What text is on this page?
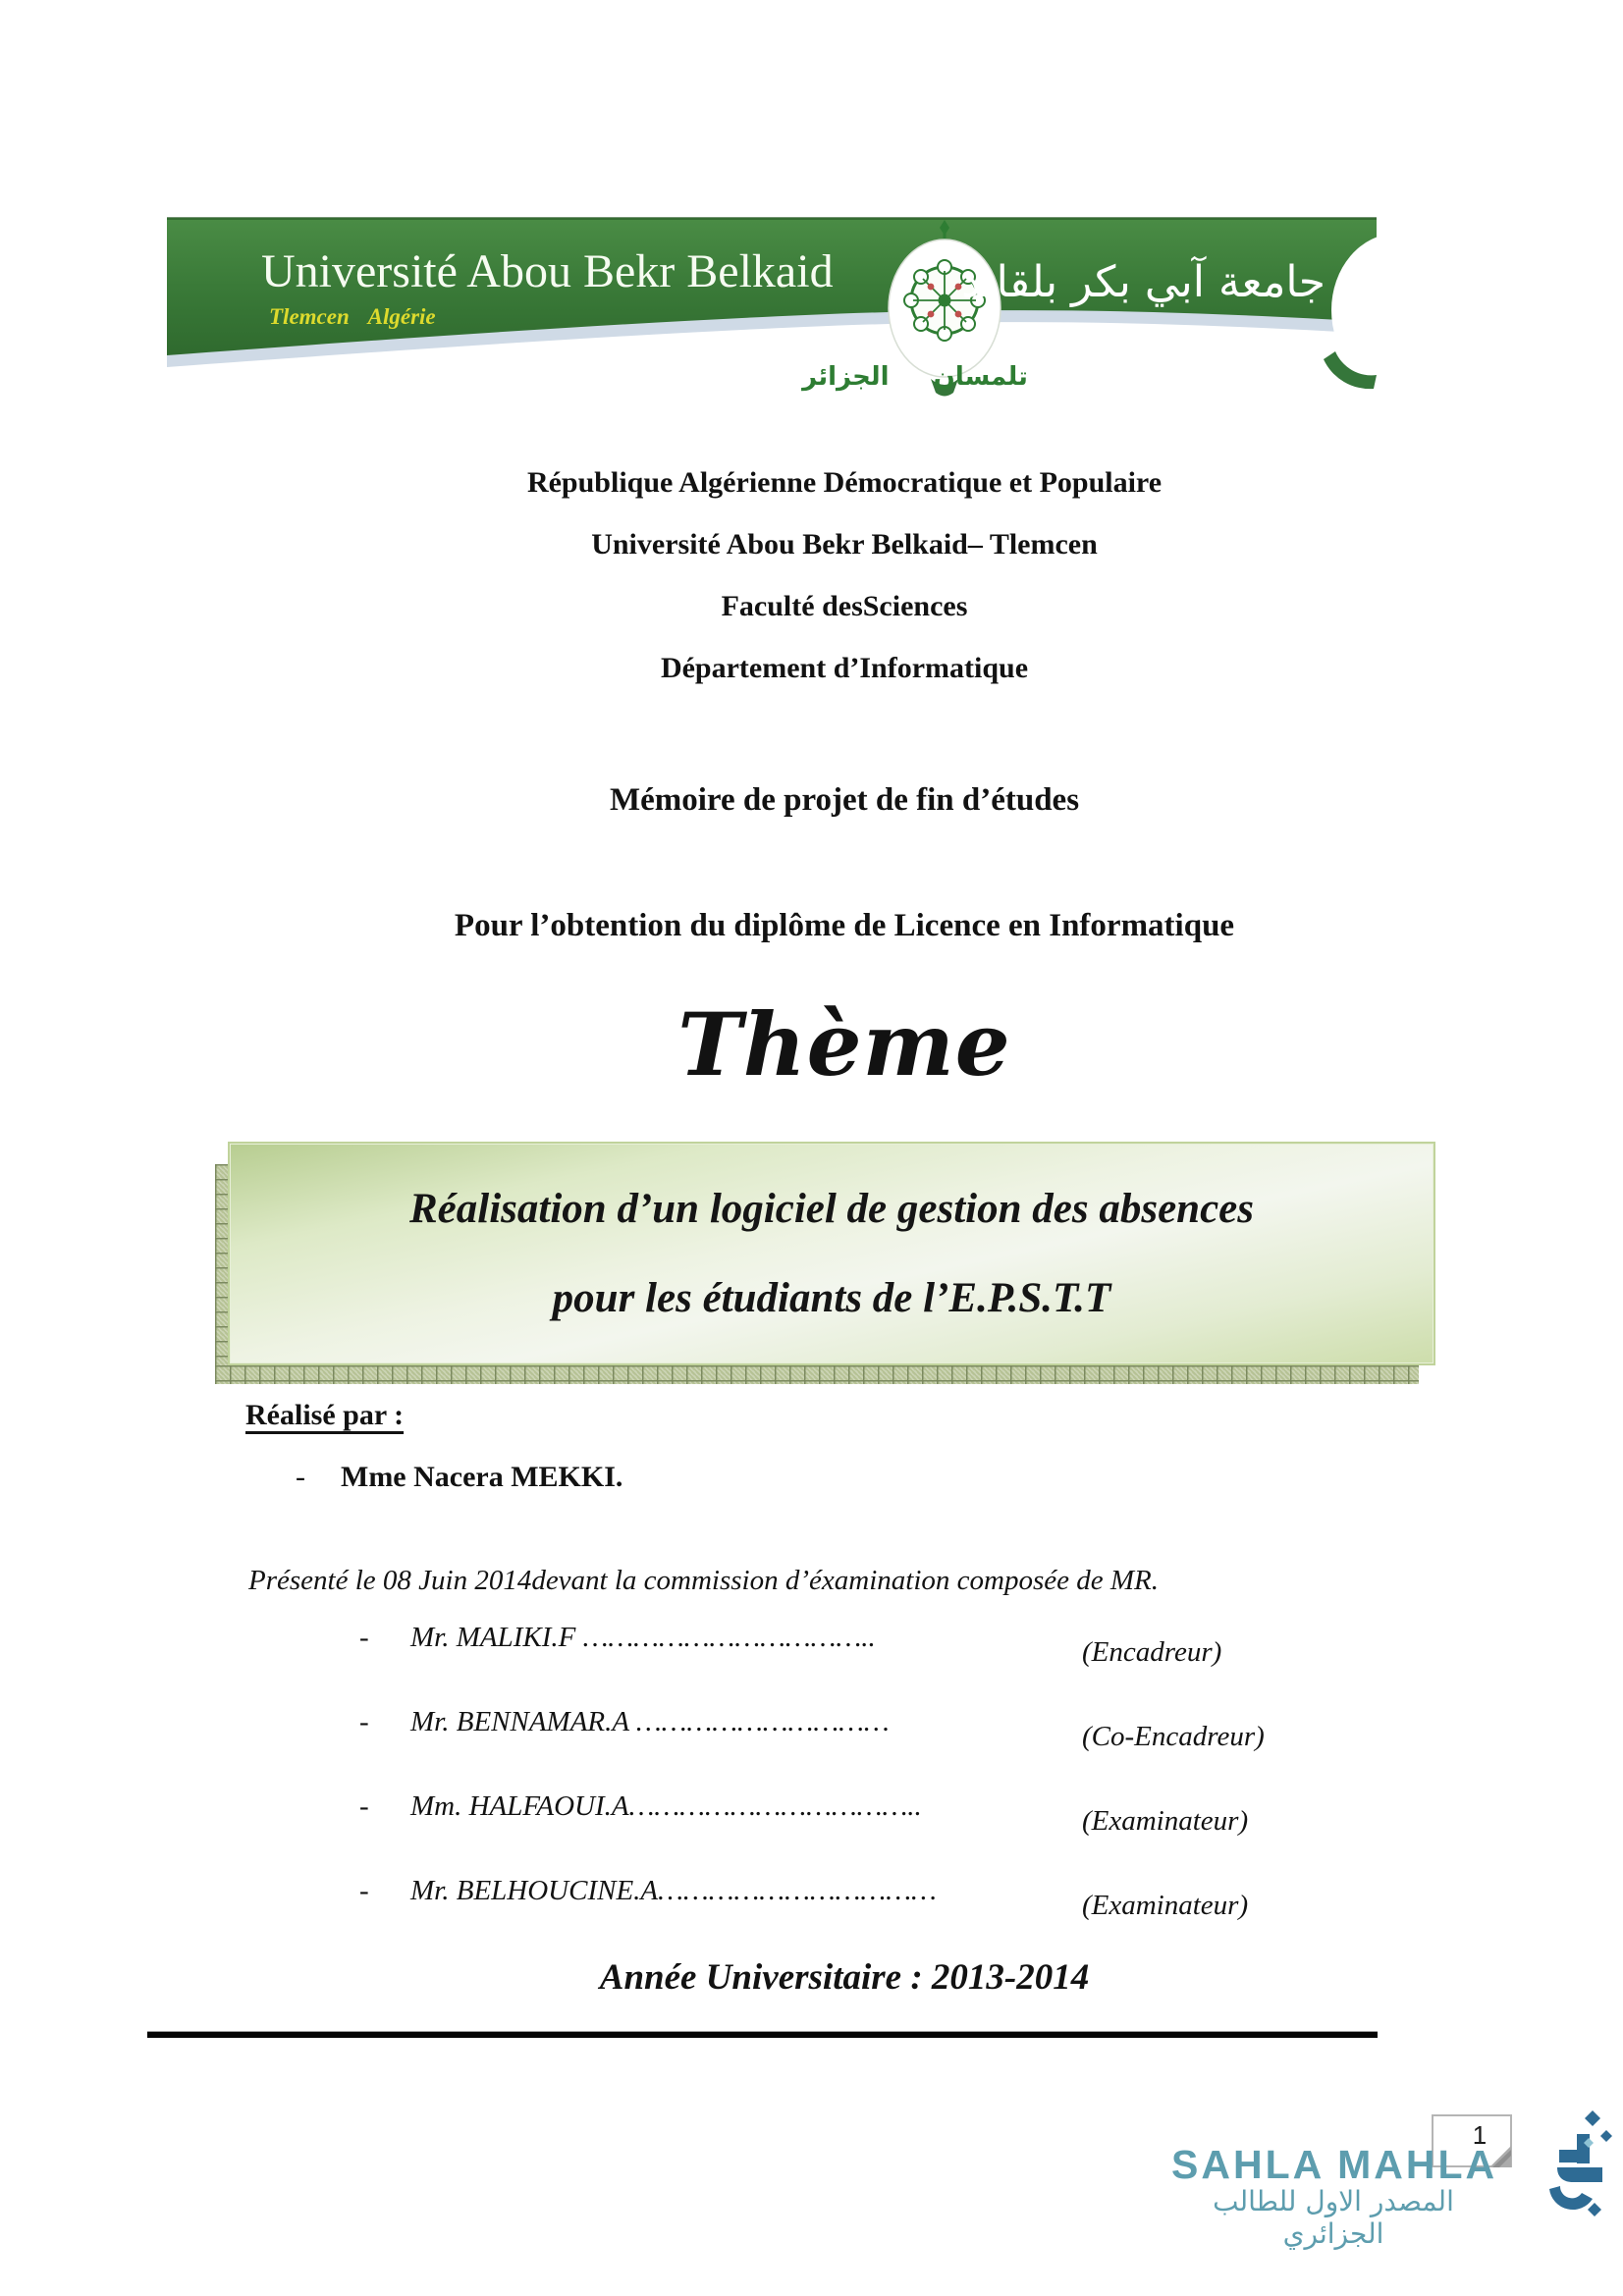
Université Abou Bekr Belkaid
Tlemcen Algérie
جامعة آبي بكر بلقايد
تلمسان الجزائر
République Algérienne Démocratique et Populaire
Université Abou Bekr Belkaid– Tlemcen
Faculté desSciences
Département d’Informatique
Mémoire de projet de fin d’études
Pour l’obtention du diplôme de Licence en Informatique
Thème
Réalisation d’un logiciel de gestion des absences
pour les étudiants de l’E.P.S.T.T
Réalisé par :
- Mme Nacera MEKKI.
Présenté le 08 Juin 2014devant la commission d’éxamination composée de MR.
- Mr. MALIKI.F ……………………………..	(Encadreur)
- Mr. BENNAMAR.A …………………………	(Co-Encadreur)
- Mm. HALFAOUI.A……………………………..	(Examinateur)
- Mr. BELHOUCINE.A……………………………	(Examinateur)
Année Universitaire : 2013-2014
1
SAHLA MAHLA
المصدر الاول للطالب الجزائري
